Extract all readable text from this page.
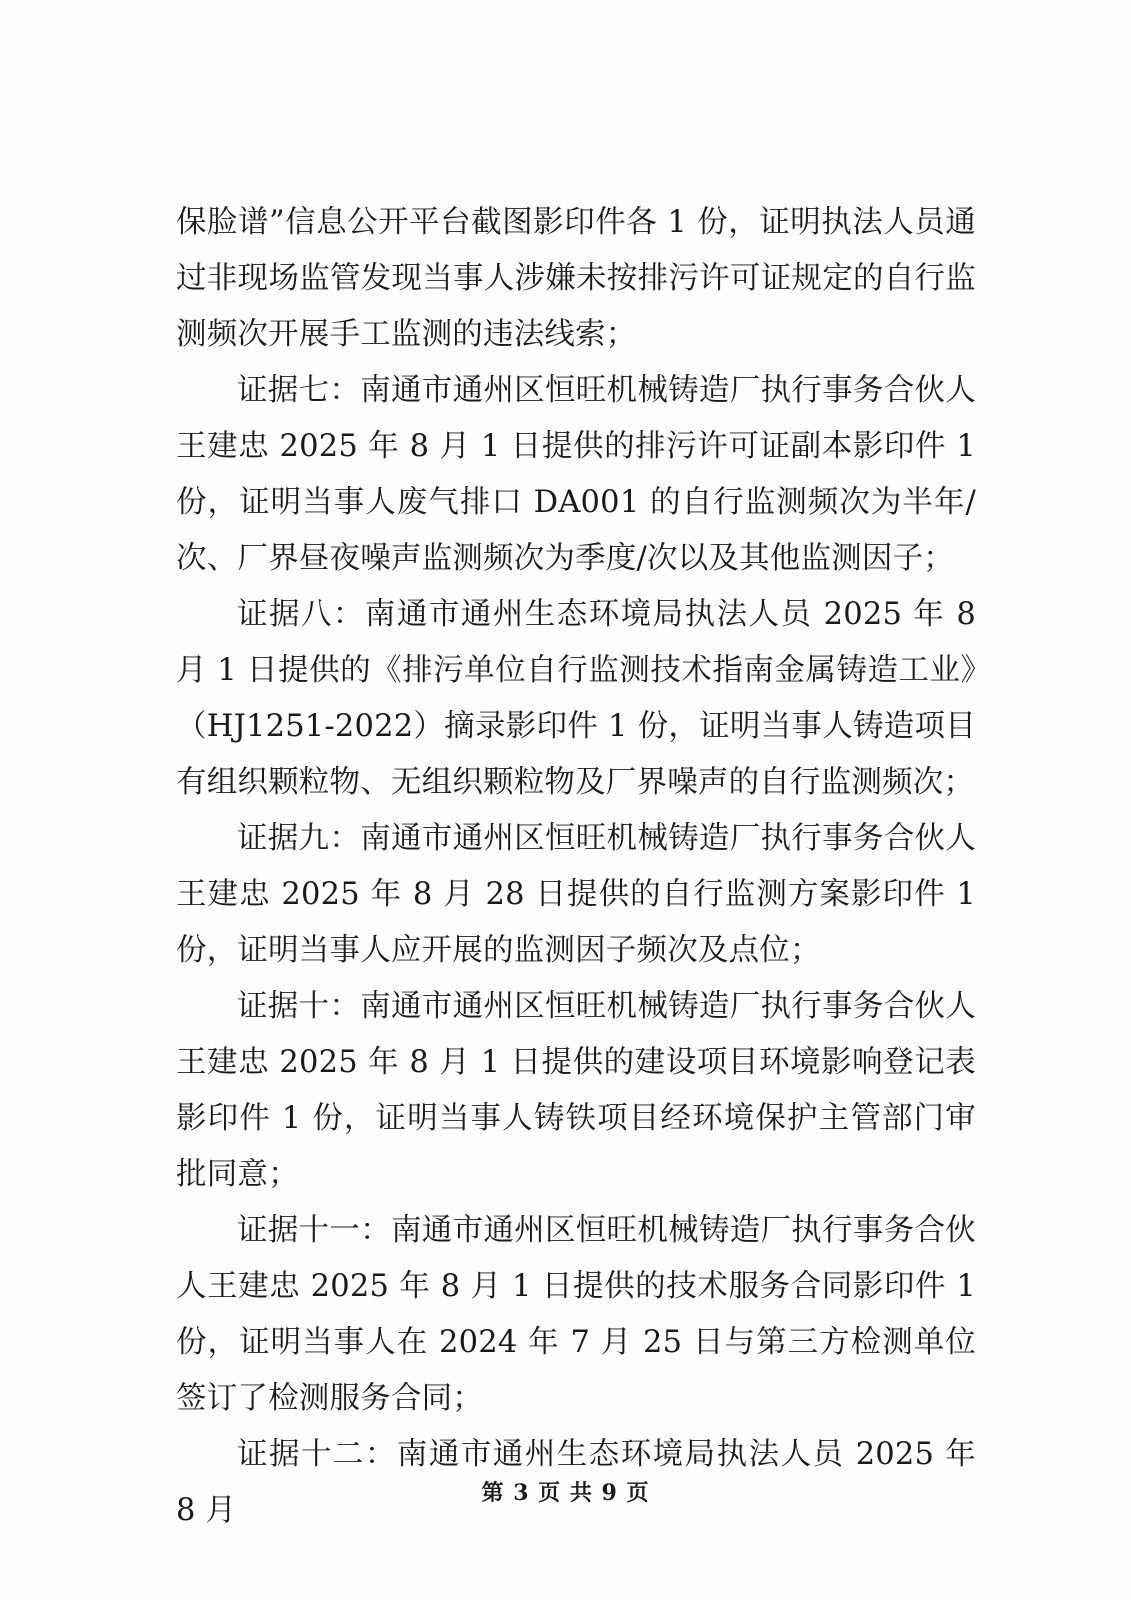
保脸谱”信息公开平台截图影印件各 1 份，证明执法人员通过非现场监管发现当事人涉嫌未按排污许可证规定的自行监测频次开展手工监测的违法线索；

证据七：南通市通州区恒旺机械铸造厂执行事务合伙人王建忠 2025 年 8 月 1 日提供的排污许可证副本影印件 1 份，证明当事人废气排口 DA001 的自行监测频次为半年/次、厂界昼夜噪声监测频次为季度/次以及其他监测因子；

证据八：南通市通州生态环境局执法人员 2025 年 8 月 1 日提供的《排污单位自行监测技术指南金属铸造工业》（HJ1251-2022）摘录影印件 1 份，证明当事人铸造项目有组织颗粒物、无组织颗粒物及厂界噪声的自行监测频次；

证据九：南通市通州区恒旺机械铸造厂执行事务合伙人王建忠 2025 年 8 月 28 日提供的自行监测方案影印件 1 份，证明当事人应开展的监测因子频次及点位；

证据十：南通市通州区恒旺机械铸造厂执行事务合伙人王建忠 2025 年 8 月 1 日提供的建设项目环境影响登记表影印件 1 份，证明当事人铸铁项目经环境保护主管部门审批同意；

证据十一：南通市通州区恒旺机械铸造厂执行事务合伙人王建忠 2025 年 8 月 1 日提供的技术服务合同影印件 1 份，证明当事人在 2024 年 7 月 25 日与第三方检测单位签订了检测服务合同；

证据十二：南通市通州生态环境局执法人员 2025 年 8 月	第 3 页 共 9 页
